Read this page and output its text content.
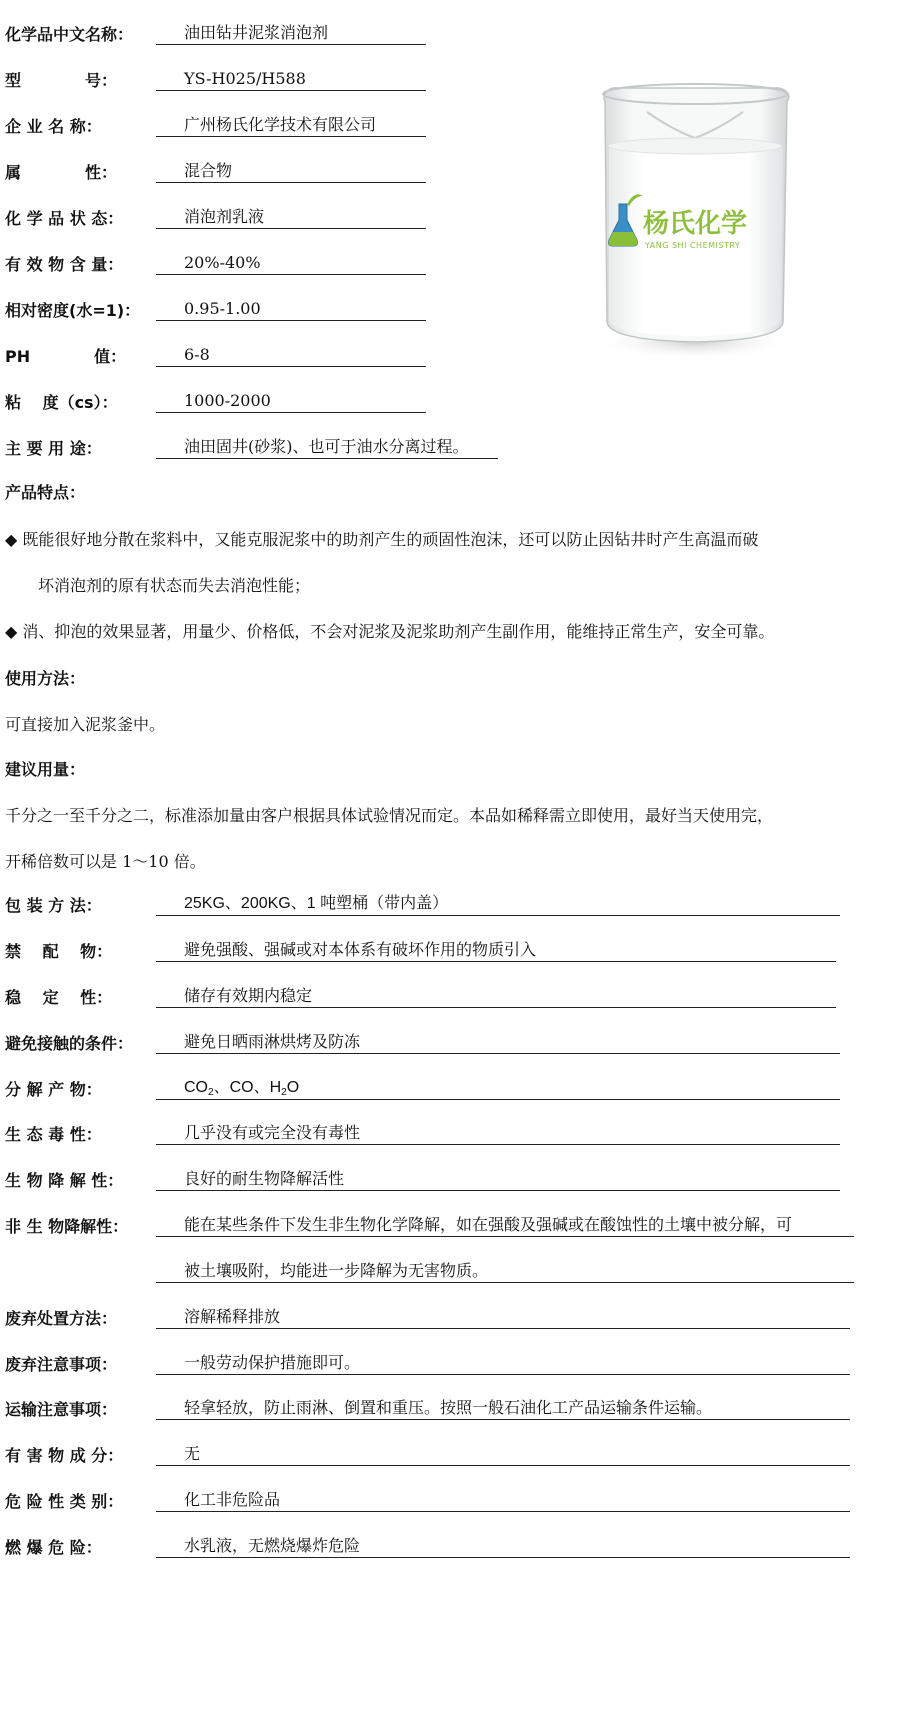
化学品中文名称：	油田钻井泥浆消泡剂
型　　　　号：	YS-H025/H588
企 业 名 称：	广州杨氏化学技术有限公司
属　　　　性：	混合物
化 学 品 状 态：	消泡剂乳液
有 效 物 含 量：	20%-40%
相对密度(水=1)：	0.95-1.00
PH　　　　值：	6-8
粘　 度（cs）：	1000-2000
主 要 用 途：	油田固井(砂浆)、也可于油水分离过程。
杨氏化学
YANG SHI CHEMISTRY
产品特点：
◆ 既能很好地分散在浆料中，又能克服泥浆中的助剂产生的顽固性泡沫，还可以防止因钻井时产生高温而破
坏消泡剂的原有状态而失去消泡性能；
◆ 消、抑泡的效果显著，用量少、价格低，不会对泥浆及泥浆助剂产生副作用，能维持正常生产，安全可靠。
使用方法：
可直接加入泥浆釜中。
建议用量：
千分之一至千分之二，标准添加量由客户根据具体试验情况而定。本品如稀释需立即使用，最好当天使用完，
开稀倍数可以是 1～10 倍。
包 装 方 法：	25KG、200KG、1 吨塑桶（带内盖）
禁　 配　 物：	避免强酸、强碱或对本体系有破坏作用的物质引入
稳　 定　 性：	储存有效期内稳定
避免接触的条件：	避免日晒雨淋烘烤及防冻
分 解 产 物：	$CO_2$、CO、$H_2O$
生 态 毒 性：	几乎没有或完全没有毒性
生 物 降 解 性：	良好的耐生物降解活性
非 生 物降解性：	能在某些条件下发生非生物化学降解，如在强酸及强碱或在酸蚀性的土壤中被分解，可
被土壤吸附，均能进一步降解为无害物质。
废弃处置方法：	溶解稀释排放
废弃注意事项：	一般劳动保护措施即可。
运输注意事项：	轻拿轻放，防止雨淋、倒置和重压。按照一般石油化工产品运输条件运输。
有 害 物 成 分：	无
危 险 性 类 别：	化工非危险品
燃 爆 危 险：	水乳液，无燃烧爆炸危险
